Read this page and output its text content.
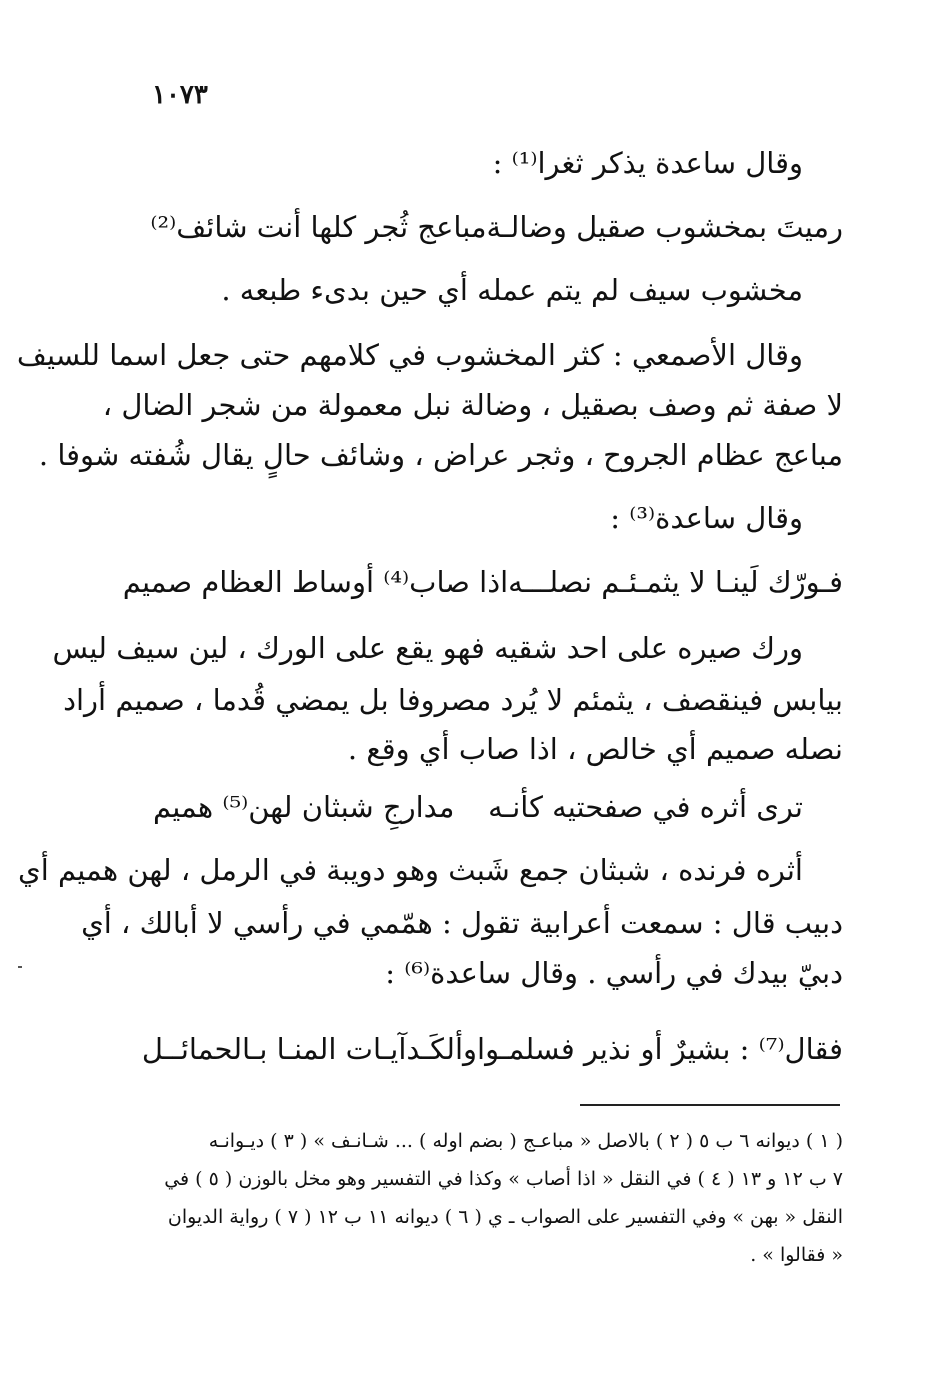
١٠٧٣
وقال ساعدة يذكر ثغرا⁽¹⁾ :
رميتَ بمخشوب صقيل وضالـة
مباعج ثُجر كلها أنت شائف⁽²⁾
مخشوب سيف لم يتم عمله أي حين بدىء طبعه .
وقال الأصمعي : كثر المخشوب في كلامهم حتى جعل اسما للسيف
لا صفة ثم وصف بصقيل ، وضالة نبل معمولة من شجر الضال ،
مباعج عظام الجروح ، وثجر عراض ، وشائف حالٍ يقال شُفته شوفا .
وقال ساعدة⁽³⁾ :
فـورّك لَينـا لا يثمـئـم نصلـــه
اذا صاب⁽⁴⁾ أوساط العظام صميم
ورك صيره على احد شقيه فهو يقع على الورك ، لين سيف ليس
بيابس فينقصف ، يثمئم لا يُرد مصروفا بل يمضي قُدما ، صميم أراد
نصله صميم أي خالص ، اذا صاب أي وقع .
ترى أثره في صفحتيه كأنـه
مدارجِ شبثان لهن⁽⁵⁾ هميم
أثره فرنده ، شبثان جمع شَبث وهو دويبة في الرمل ، لهن هميم أي
دبيب قال : سمعت أعرابية تقول : همّمي في رأسي لا أبالك ، أي
دبيّ بيدك في رأسي . وقال ساعدة⁽⁶⁾ :
فقال⁽⁷⁾ : بشيرٌ أو نذير فسلمـوا
وألكَـدآيـات المنـا بـالحمائــل
( ١ ) ديوانه ٦ ب ٥ ( ٢ ) بالاصل « مباعـج ( بضم اوله ) ... شـانـف » ( ٣ ) ديـوانـه
٧ ب ١٢ و ١٣ ( ٤ ) في النقل « اذا أصاب » وكذا في التفسير وهو مخل بالوزن ( ٥ ) في
النقل « بهن » وفي التفسير على الصواب ـ ي ( ٦ ) ديوانه ١١ ب ١٢ ( ٧ ) رواية الديوان
« فقالوا » .
